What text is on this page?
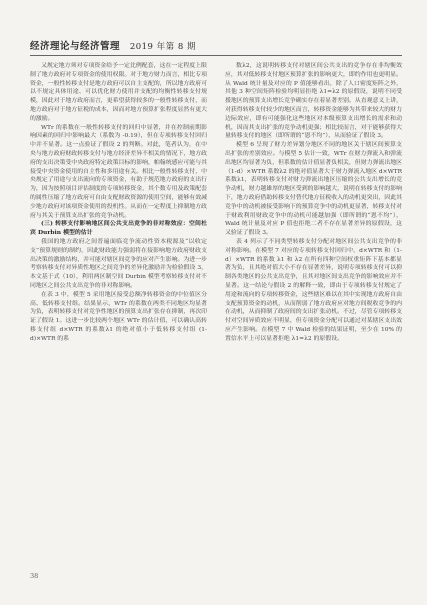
经济理论与经济管理 2019 年第 8 期

又规定地方须对专项资金给予一定比例配套，这在一定程度上限制了地方政府对专项资金的使用权限。对于地方财力而言，相比专项资金，一般性转移支付是地方政府可以自主支配的，所以地方政府可以不规定具体用途、可以优化财力使用并支配的均衡性转移支付规模，因此对于地方政府而言，更希望获得较多的一般性转移支付，而地方政府对于地方征税的成本，因而对地方预算扩张程度显然有更大的激励。

WTr 的系数在一般性转移支付的回归中显著，并在控制前期影响因素的回归中影响最大（系数为 -0.19），但在专项转移支付回归中并不显著。这一点验证了假设 2 的判断。对此，笔者认为，在中央与地方政府财政转移支付与地方经济差异不相关的情况下，地方政府的支出决策受中央政府特定政策目标的影响，帕翰统感应可能与其接受中央资金使用的自主性和多用途有关。相比一般性转移支付，中央规定了用途与支出流向的专项资金，有助于规范地方政府的支出行为，因为按照项目评估制度的专项转移资金，其个数专用及政策配套的属性压缩了地方政府可自由支配财政资源的使用空间，能够有效减少地方政府对该项资金使用的投机性。从而在一定程度上抑制地方政府与其关于预算支出扩张的竞争动机。

(三) 转移支付影响地区间公共支出竞争的非对称效应：空间杜宾 Durbin 模型的估计

我国的地方政府之间普遍面临竞争流动性资本税源及“以收定支”预算规则的制约，因此财政能力强弱将在接影响地方政府财政支出决策的激励结构，并可能对辖区间竞争的应对产生影响。为进一步考察转移支付对异质性地区之间竞争的差异化激励并为检验假设 3，本文基于式（10），利用两区制空间 Durbin 模型考察转移支付对不同地区之间公共支出竞争的非对称影响。

在表 3 中，模型 5 采用地区接受总额净转移资金的中位值区分高、低转移支付组。结果显示，WTr 的系数在两类不同地区均显著为负，表明转移支付对竞争性地区的预算支出扩张存在抑制，再次印证了假设 1。这进一步比较两个地区 WTr 的估计值，可以确认高转移支付组 d×WTR 的系数λ1 的绝对值小于低转移支付组 (1-d)×WTR 的系

数λ2，这说明转移支付对辖区间公共支出的竞争存在非均衡效应，其对低转移支付地区预算扩张的影响更大，即约作用也更明显。从 Wald 统计量及对应的 P 值能够看出，除了人口密度矩阵之外，其他 3 种空间矩阵检验均明显拒绝 λ1=λ2 的原假设，说明不同受援地区的预算支出增长竞争确实存在着显著差别。从直观意义上讲，对获得转移支付较少的地区而言，转移资金能够为其带来较大的财力边际效应，即有可能强化这些地区对本级预算支出增长的需求和动机，因而其支出扩张的竞争动机更强；相比较而言，对于能够获得大量转移支付的地区（即所谓的“恩不均”），从而验证了假设 3。

模型 6 呈现了财力差异划分地区不同的地区关于辖区间预算支出扩张的差别效应。与模型 5 估计一致，WTr 在财力弹流入和弹流出地区均显著为负，但系数的估计值显著负相关，但财力弹流出地区（1-d）×WTR 系数λ2 的绝对值显著大于财力弹流入地区 d×WTR 系数λ1，表明转移支付对财力弹流出地区压缩的公共支出增长的竞争动机，财力越雄厚的地区受到的影响越大，说明在转移支付的影响下，地方政府借助转移支付替代地方征税收入的动机更突出，因此其竞争中的动机被接受影响下的预算竞争中的动机更显著，转移支付对于财政利用财政竞争中的动机可能越加强（即所谓的“恩不均”），Wald 统计量及对应 P 值也拒绝二者不存在显著差异的原假设，这又验证了假设 3。

表 4 列示了不同类型转移支付分配对地区间公共支出竞争的非对称影响。在模型 7 对应的专项转移支付回归中，d×WTR 和（1-d）×WTR 的系数 λ1 和 λ2 在所有四种空间权重矩阵下基本都显著为负，且其绝对值大小不存在显著差异，说明专项转移支付可以抑制各类地区的公共支出竞争，且其对地区间支出竞争的影响效应并不显著。这一结论与假设 2 的解释一致，即由于专项转移支付规定了用途和流向的专项转移资金，这些辖区难以在其中实现地方政府自由支配预算资金的动机，从而削弱了地方政府应对地方间税收竞争的内在动机，从而抑制了政府间的支出扩张动机。不过，尽管专项转移支付对空间异质效应不明显，但专项资金分配可以通过对某辖区支出效应产生影响。在模型 7 中 Wald 检验的结果证明，至少在 10% 的置信水平上可以显著拒绝 λ1=λ2 的原假设。

38
